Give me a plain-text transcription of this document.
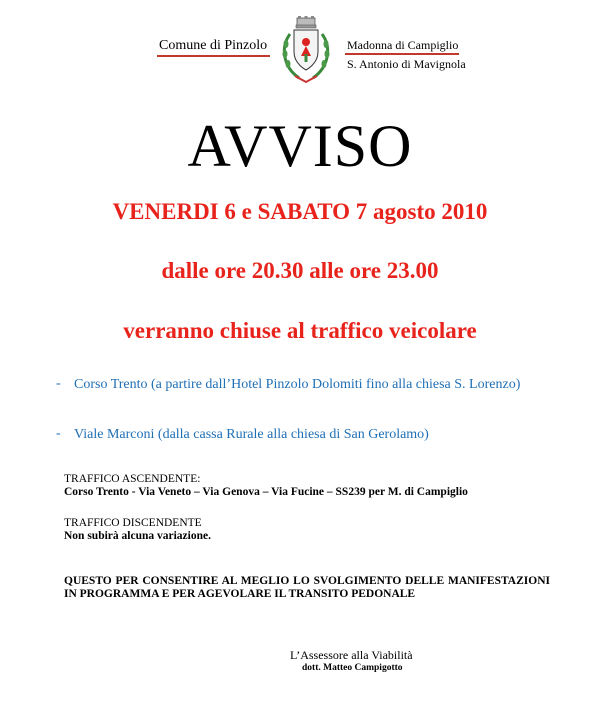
Comune di Pinzolo	Madonna di Campiglio
S. Antonio di Mavignola
AVVISO
VENERDI 6 e SABATO 7 agosto 2010
dalle ore 20.30 alle ore 23.00
verranno chiuse al traffico veicolare
- Corso Trento (a partire dall’Hotel Pinzolo Dolomiti fino alla chiesa S. Lorenzo)
- Viale Marconi (dalla cassa Rurale alla chiesa di San Gerolamo)
TRAFFICO ASCENDENTE:
Corso Trento - Via Veneto – Via Genova – Via Fucine – SS239 per M. di Campiglio
TRAFFICO DISCENDENTE
Non subirà alcuna variazione.
QUESTO PER CONSENTIRE AL MEGLIO LO SVOLGIMENTO DELLE MANIFESTAZIONI IN PROGRAMMA E PER AGEVOLARE IL TRANSITO PEDONALE
L’Assessore alla Viabilità
dott. Matteo Campigotto
